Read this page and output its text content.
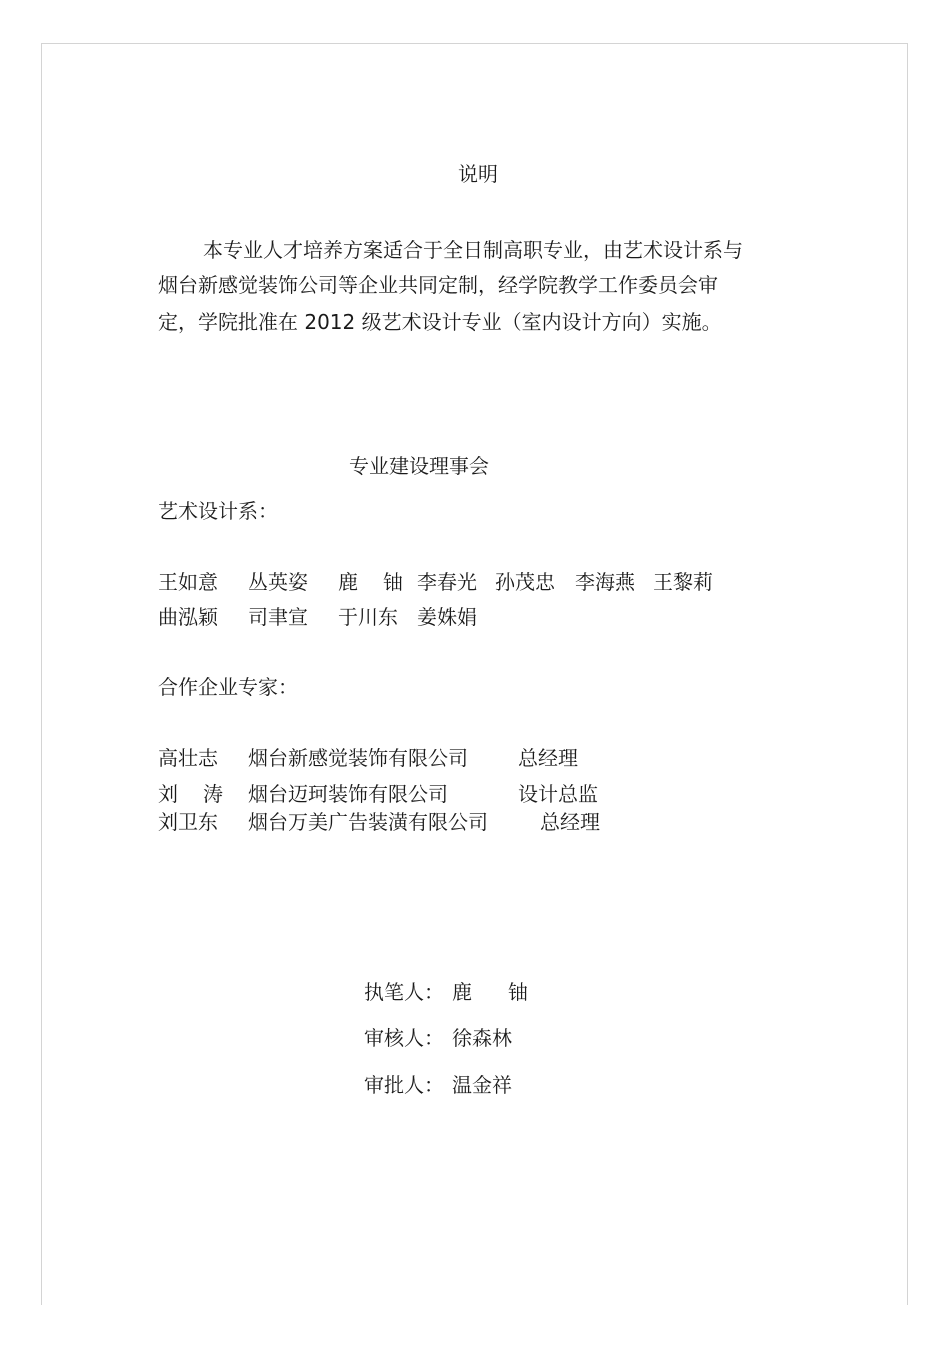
说明
本专业人才培养方案适合于全日制高职专业，由艺术设计系与
烟台新感觉装饰公司等企业共同定制，经学院教学工作委员会审
定，学院批准在 2012 级艺术设计专业（室内设计方向）实施。
专业建设理事会
艺术设计系：
王如意 丛英姿 鹿 铀 李春光 孙茂忠 李海燕 王黎莉
曲泓颖 司聿宣 于川东 姜姝娟
合作企业专家：
高壮志 烟台新感觉装饰有限公司	总经理
刘 涛 烟台迈珂装饰有限公司	设计总监
刘卫东 烟台万美广告装潢有限公司	总经理
执笔人： 鹿 铀
审核人： 徐森林
审批人： 温金祥
